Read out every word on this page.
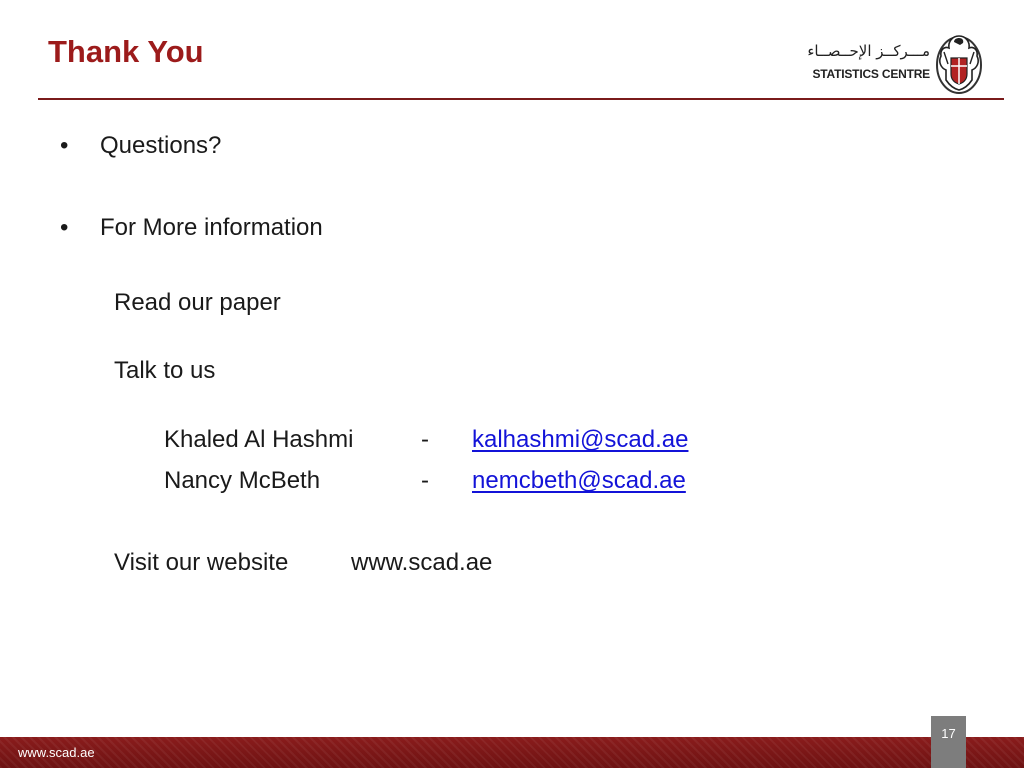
Thank You	مـــركــز الإحــصــاء
STATISTICS CENTRE
• Questions?

• For More information

Read our paper

Talk to us

Khaled Al Hashmi	- kalhashmi@scad.ae

Nancy McBeth	- nemcbeth@scad.ae

Visit our website	www.scad.ae

www.scad.ae
17
